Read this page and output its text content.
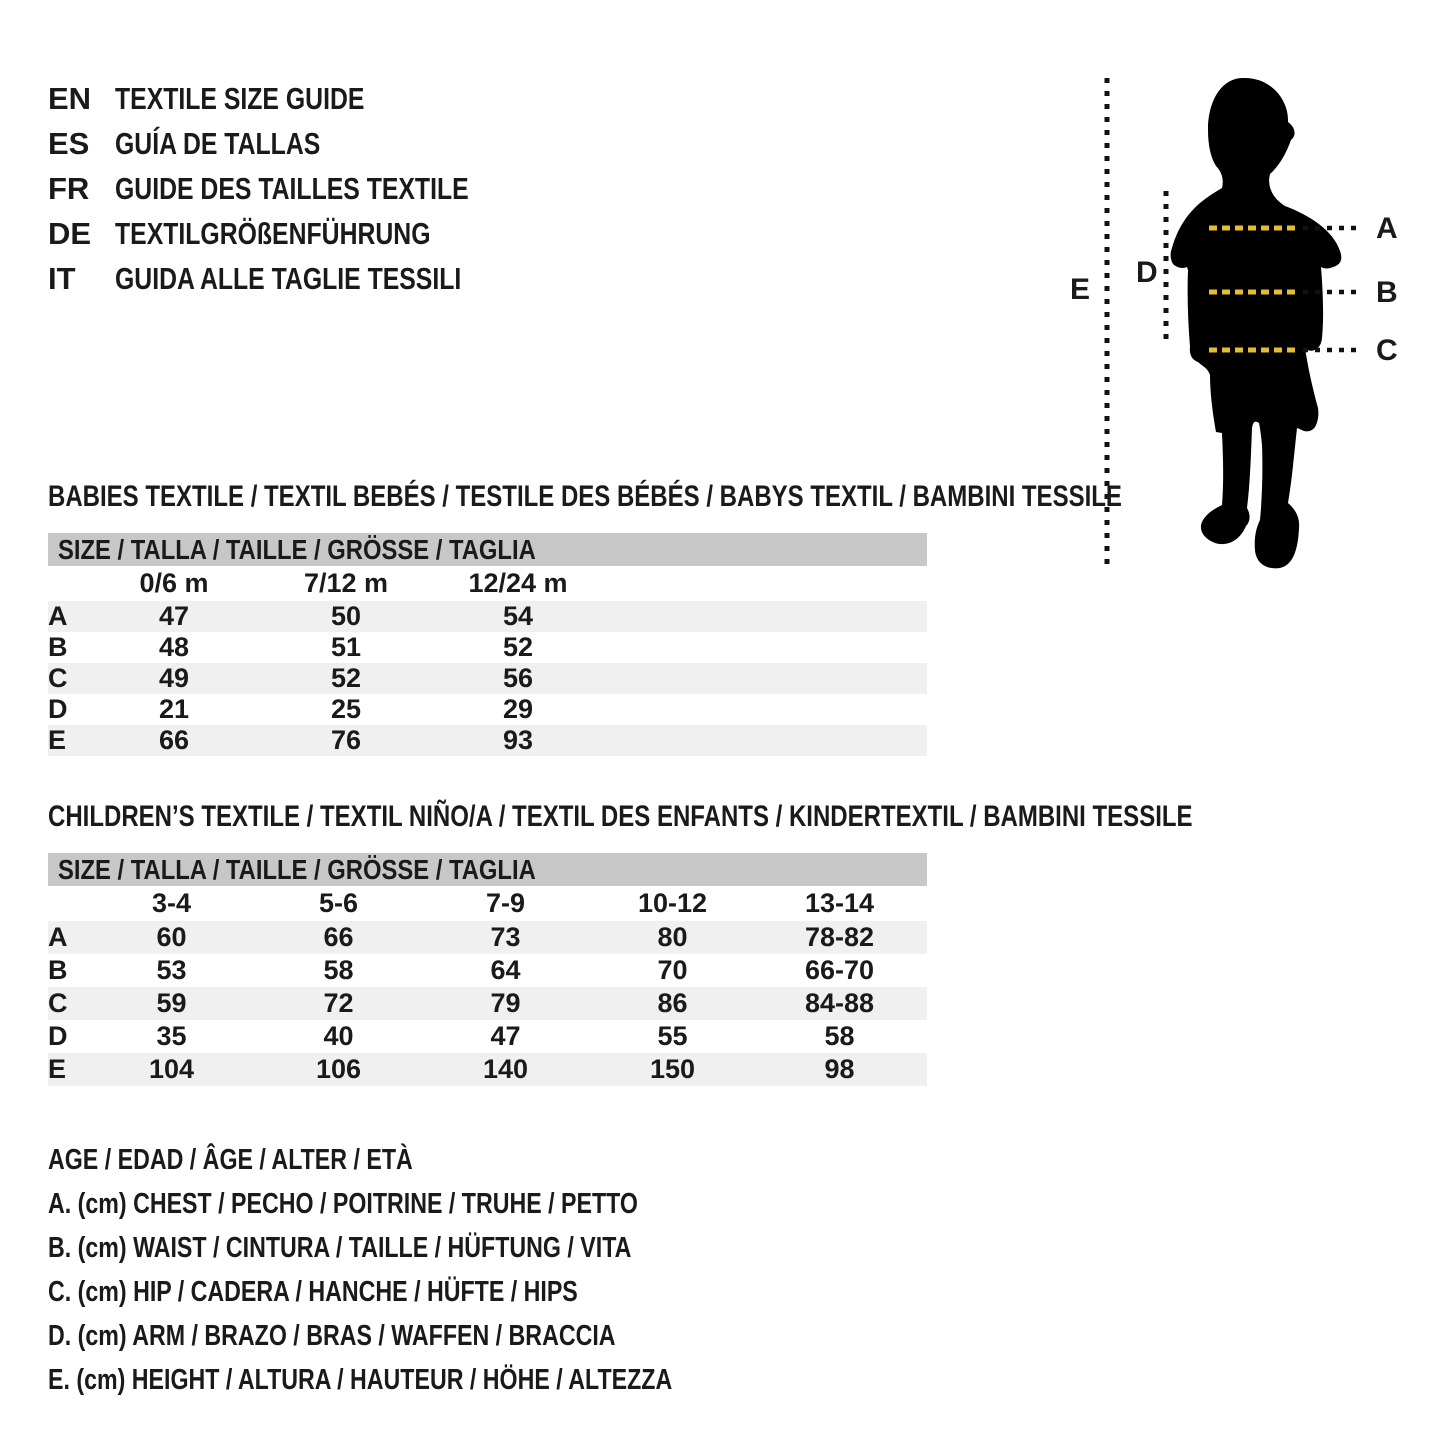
EN TEXTILE SIZE GUIDE
ES GUÍA DE TALLAS
FR GUIDE DES TAILLES TEXTILE
DE TEXTILGRÖßENFÜHRUNG
IT	GUIDA ALLE TAGLIE TESSILI
A
B
C
D
E
BABIES TEXTILE / TEXTIL BEBÉS / TESTILE DES BÉBÉS / BABYS TEXTIL / BAMBINI TESSILE
SIZE / TALLA / TAILLE / GRÖSSE / TAGLIA
	0/6 m	7/12 m	12/24 m	
A	47	50	54	
B	48	51	52	
C	49	52	56	
D	21	25	29	
E	66	76	93	
CHILDREN’S TEXTILE / TEXTIL NIÑO/A / TEXTIL DES ENFANTS / KINDERTEXTIL / BAMBINI TESSILE
SIZE / TALLA / TAILLE / GRÖSSE / TAGLIA
	3-4	5-6	7-9	10-12	13-14	
A	60	66	73	80	78-82	
B	53	58	64	70	66-70	
C	59	72	79	86	84-88	
D	35	40	47	55	58	
E	104	106	140	150	98	
AGE / EDAD / ÂGE / ALTER / ETÀ
A. (cm) CHEST / PECHO / POITRINE / TRUHE / PETTO
B. (cm) WAIST / CINTURA / TAILLE / HÜFTUNG / VITA
C. (cm) HIP / CADERA / HANCHE / HÜFTE / HIPS
D. (cm) ARM / BRAZO / BRAS / WAFFEN / BRACCIA
E. (cm) HEIGHT / ALTURA / HAUTEUR / HÖHE / ALTEZZA
